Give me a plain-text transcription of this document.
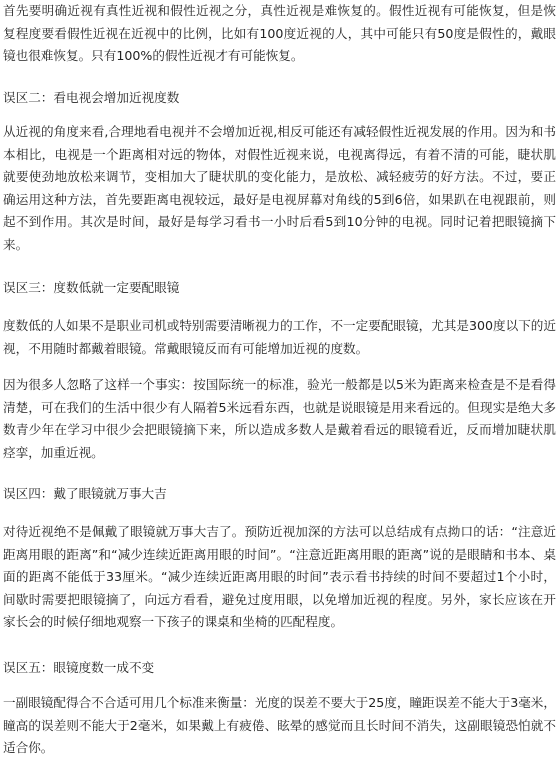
首先要明确近视有真性近视和假性近视之分，真性近视是难恢复的。假性近视有可能恢复，但是恢复程度要看假性近视在近视中的比例，比如有100度近视的人，其中可能只有50度是假性的，戴眼镜也很难恢复。只有100%的假性近视才有可能恢复。

误区二：看电视会增加近视度数

从近视的角度来看,合理地看电视并不会增加近视,相反可能还有减轻假性近视发展的作用。因为和书本相比，电视是一个距离相对远的物体，对假性近视来说，电视离得远，有着不清的可能，睫状肌就要使劲地放松来调节，变相加大了睫状肌的变化能力，是放松、减轻疲劳的好方法。不过，要正确运用这种方法，首先要距离电视较远，最好是电视屏幕对角线的5到6倍，如果趴在电视跟前，则起不到作用。其次是时间，最好是每学习看书一小时后看5到10分钟的电视。同时记着把眼镜摘下来。

误区三：度数低就一定要配眼镜

度数低的人如果不是职业司机或特别需要清晰视力的工作，不一定要配眼镜，尤其是300度以下的近视，不用随时都戴着眼镜。常戴眼镜反而有可能增加近视的度数。

因为很多人忽略了这样一个事实：按国际统一的标准，验光一般都是以5米为距离来检查是不是看得清楚，可在我们的生活中很少有人隔着5米远看东西，也就是说眼镜是用来看远的。但现实是绝大多数青少年在学习中很少会把眼镜摘下来，所以造成多数人是戴着看远的眼镜看近，反而增加睫状肌痉挛，加重近视。

误区四：戴了眼镜就万事大吉

对待近视绝不是佩戴了眼镜就万事大吉了。预防近视加深的方法可以总结成有点拗口的话：“注意近距离用眼的距离”和“减少连续近距离用眼的时间”。“注意近距离用眼的距离”说的是眼睛和书本、桌面的距离不能低于33厘米。“减少连续近距离用眼的时间”表示看书持续的时间不要超过1个小时，间歇时需要把眼镜摘了，向远方看看，避免过度用眼，以免增加近视的程度。另外，家长应该在开家长会的时候仔细地观察一下孩子的课桌和坐椅的匹配程度。

误区五：眼镜度数一成不变

一副眼镜配得合不合适可用几个标准来衡量：光度的误差不要大于25度，瞳距误差不能大于3毫米，瞳高的误差则不能大于2毫米，如果戴上有疲倦、眩晕的感觉而且长时间不消失，这副眼镜恐怕就不适合你。
